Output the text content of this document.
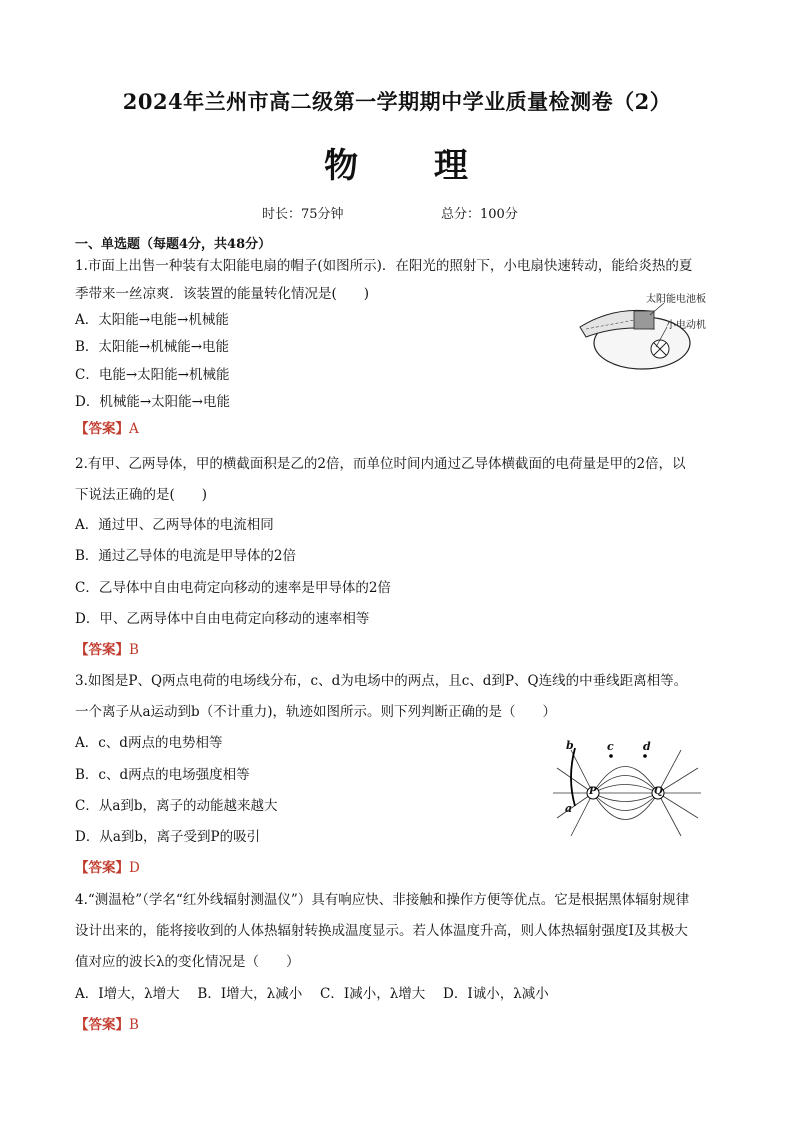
2024年兰州市高二级第一学期期中学业质量检测卷（2）
物 理
时长：75分钟	总分：100分
一、单选题（每题4分，共48分）
1.市面上出售一种装有太阳能电扇的帽子(如图所示)．在阳光的照射下，小电扇快速转动，能给炎热的夏
季带来一丝凉爽．该装置的能量转化情况是(　　)
A．太阳能→电能→机械能
B．太阳能→机械能→电能
C．电能→太阳能→机械能
D．机械能→太阳能→电能
【答案】A
太阳能电池板
小电动机
2.有甲、乙两导体，甲的横截面积是乙的2倍，而单位时间内通过乙导体横截面的电荷量是甲的2倍，以
下说法正确的是(　　)
A．通过甲、乙两导体的电流相同
B．通过乙导体的电流是甲导体的2倍
C．乙导体中自由电荷定向移动的速率是甲导体的2倍
D．甲、乙两导体中自由电荷定向移动的速率相等
【答案】B
3.如图是P、Q两点电荷的电场线分布，c、d为电场中的两点，且c、d到P、Q连线的中垂线距离相等。
一个离子从a运动到b（不计重力)，轨迹如图所示。则下列判断正确的是（　　）
A．c、d两点的电势相等
B．c、d两点的电场强度相等
C．从a到b，离子的动能越来越大
D．从a到b，离子受到P的吸引
【答案】D
b	c	d
P	Q
a
4.“测温枪”（学名“红外线辐射测温仪”）具有响应快、非接触和操作方便等优点。它是根据黑体辐射规律
设计出来的，能将接收到的人体热辐射转换成温度显示。若人体温度升高，则人体热辐射强度I及其极大
值对应的波长λ的变化情况是（　　）
A．I增大，λ增大　 B．I增大，λ减小　 C．I减小，λ增大　 D．I诚小，λ减小
【答案】B
